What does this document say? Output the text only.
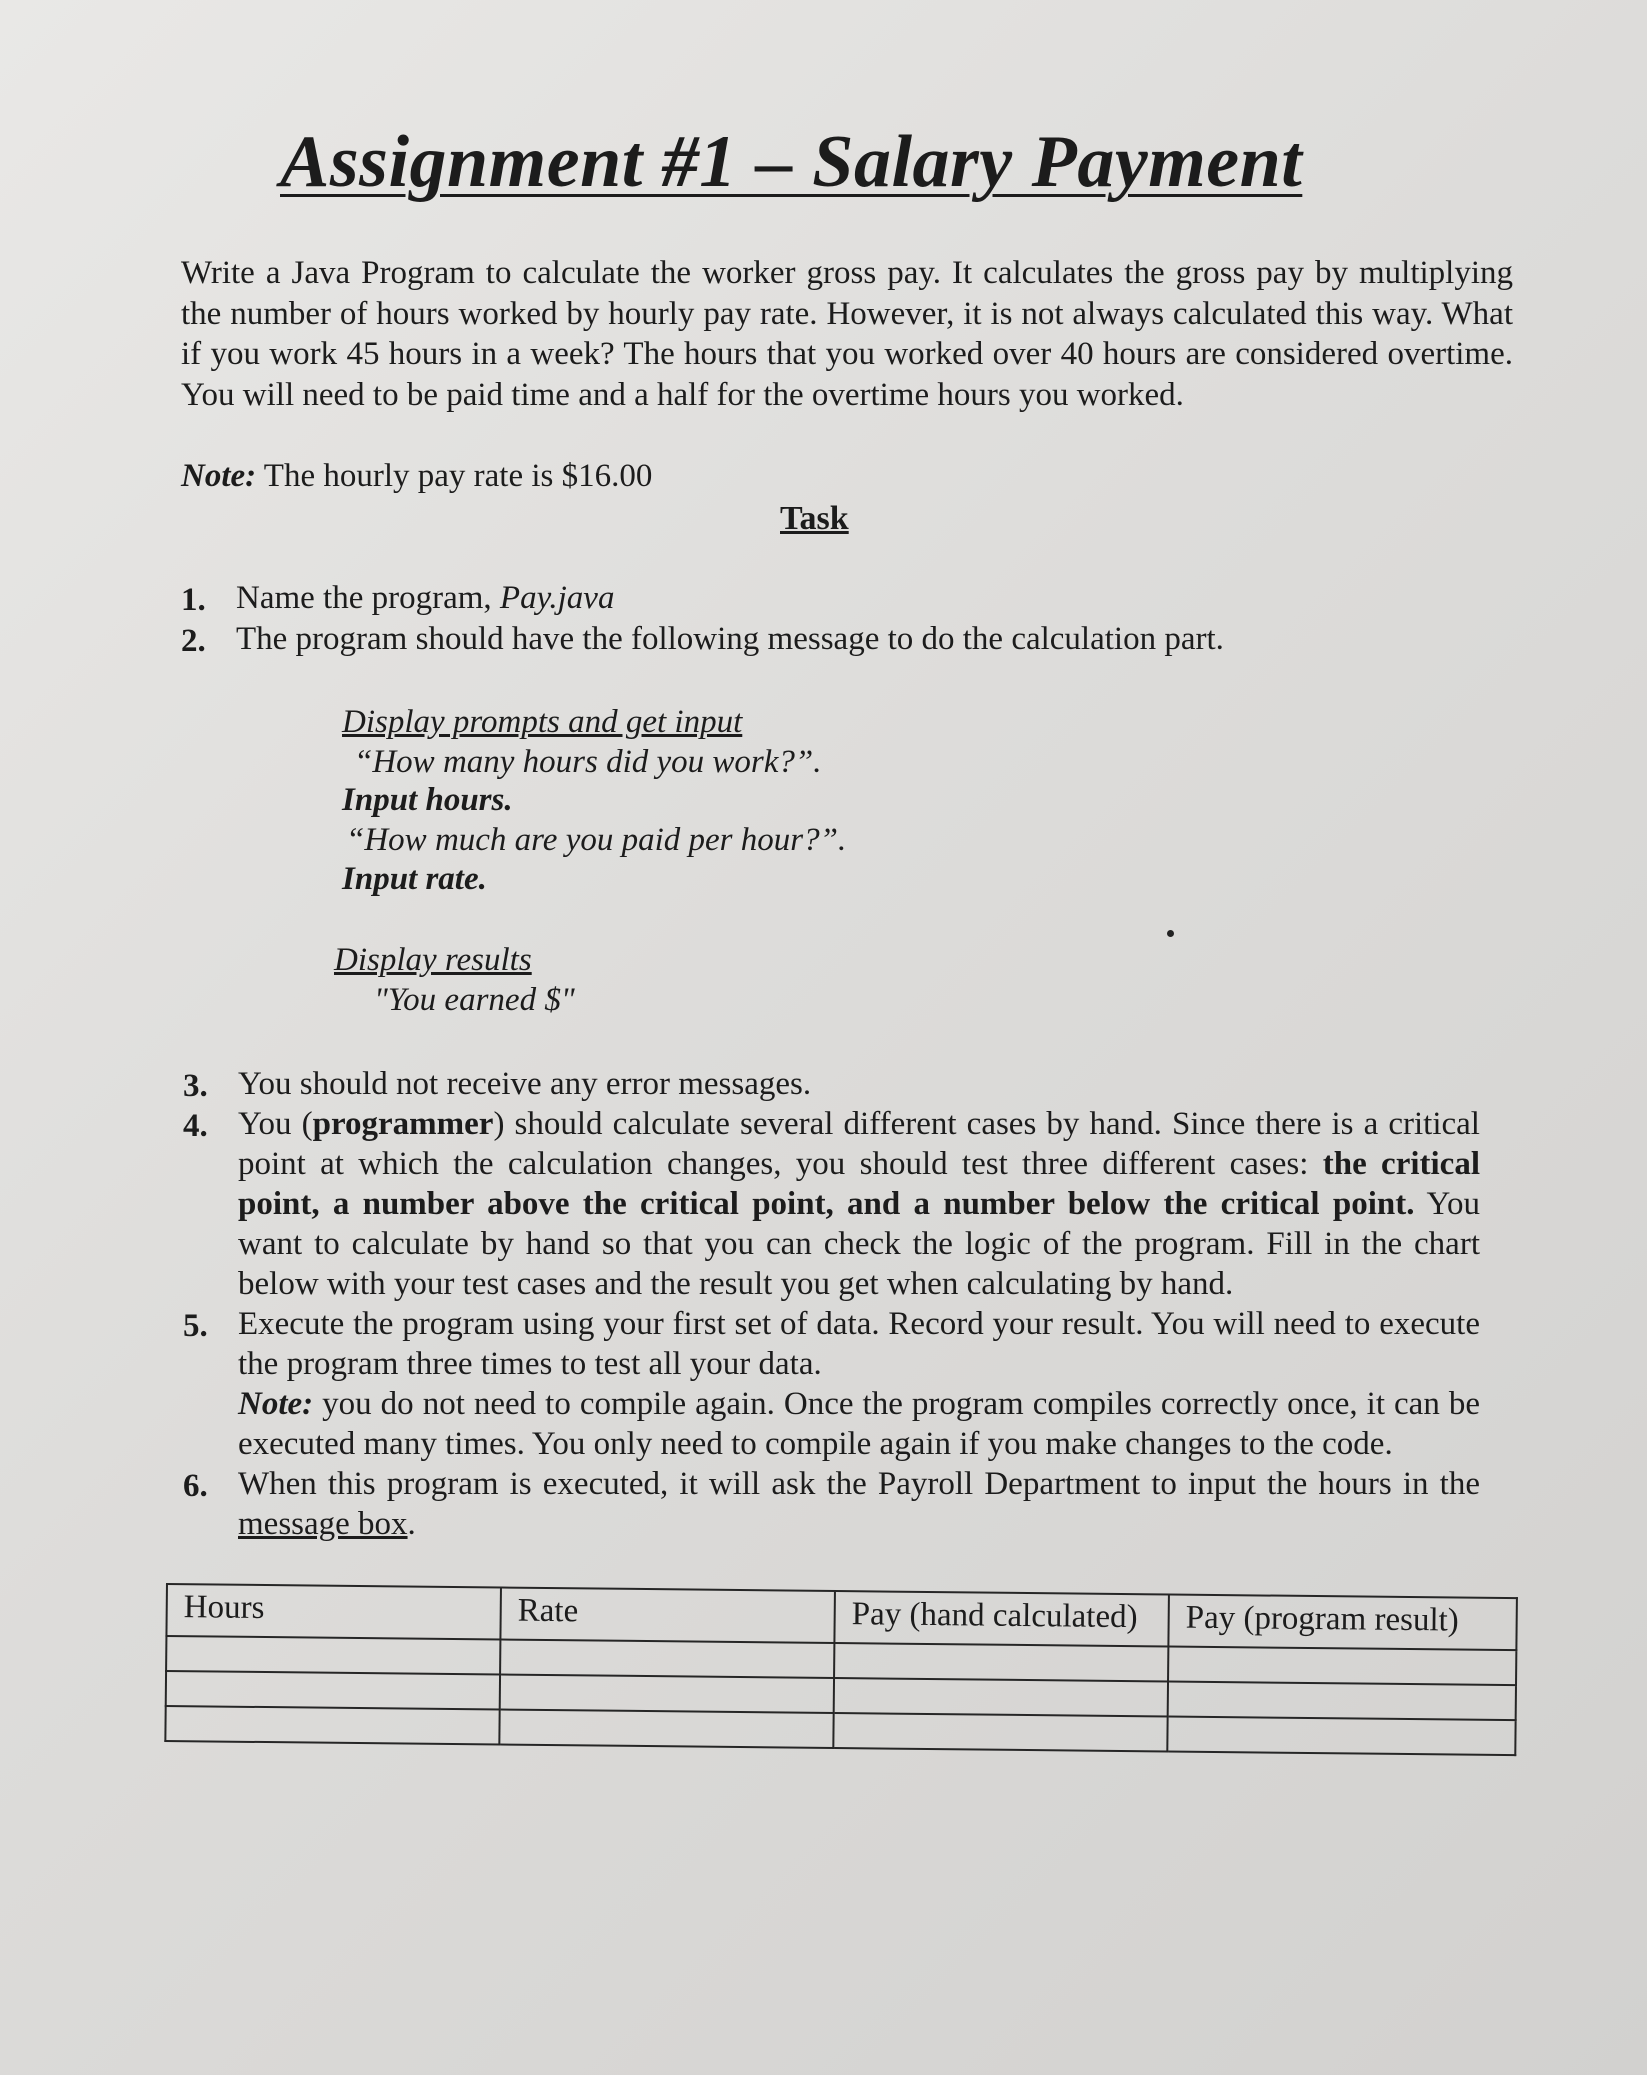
Assignment #1 – Salary Payment

Write a Java Program to calculate the worker gross pay. It calculates the gross pay by multiplying the number of hours worked by hourly pay rate. However, it is not always calculated this way. What if you work 45 hours in a week? The hours that you worked over 40 hours are considered overtime. You will need to be paid time and a half for the overtime hours you worked.

Note: The hourly pay rate is $16.00
Task
1. Name the program, Pay.java
2. The program should have the following message to do the calculation part.
Display prompts and get input
“How many hours did you work?”.
Input hours.
“How much are you paid per hour?”.
Input rate.
Display results
"You earned $"
3. You should not receive any error messages.
4. You (programmer) should calculate several different cases by hand. Since there is a critical point at which the calculation changes, you should test three different cases: the critical point, a number above the critical point, and a number below the critical point. You want to calculate by hand so that you can check the logic of the program. Fill in the chart below with your test cases and the result you get when calculating by hand.

5. Execute the program using your first set of data. Record your result. You will need to execute the program three times to test all your data.
Note: you do not need to compile again. Once the program compiles correctly once, it can be executed many times. You only need to compile again if you make changes to the code.
6. When this program is executed, it will ask the Payroll Department to input the hours in the message box.

Hours	Rate	Pay (hand calculated)	Pay (program result)
